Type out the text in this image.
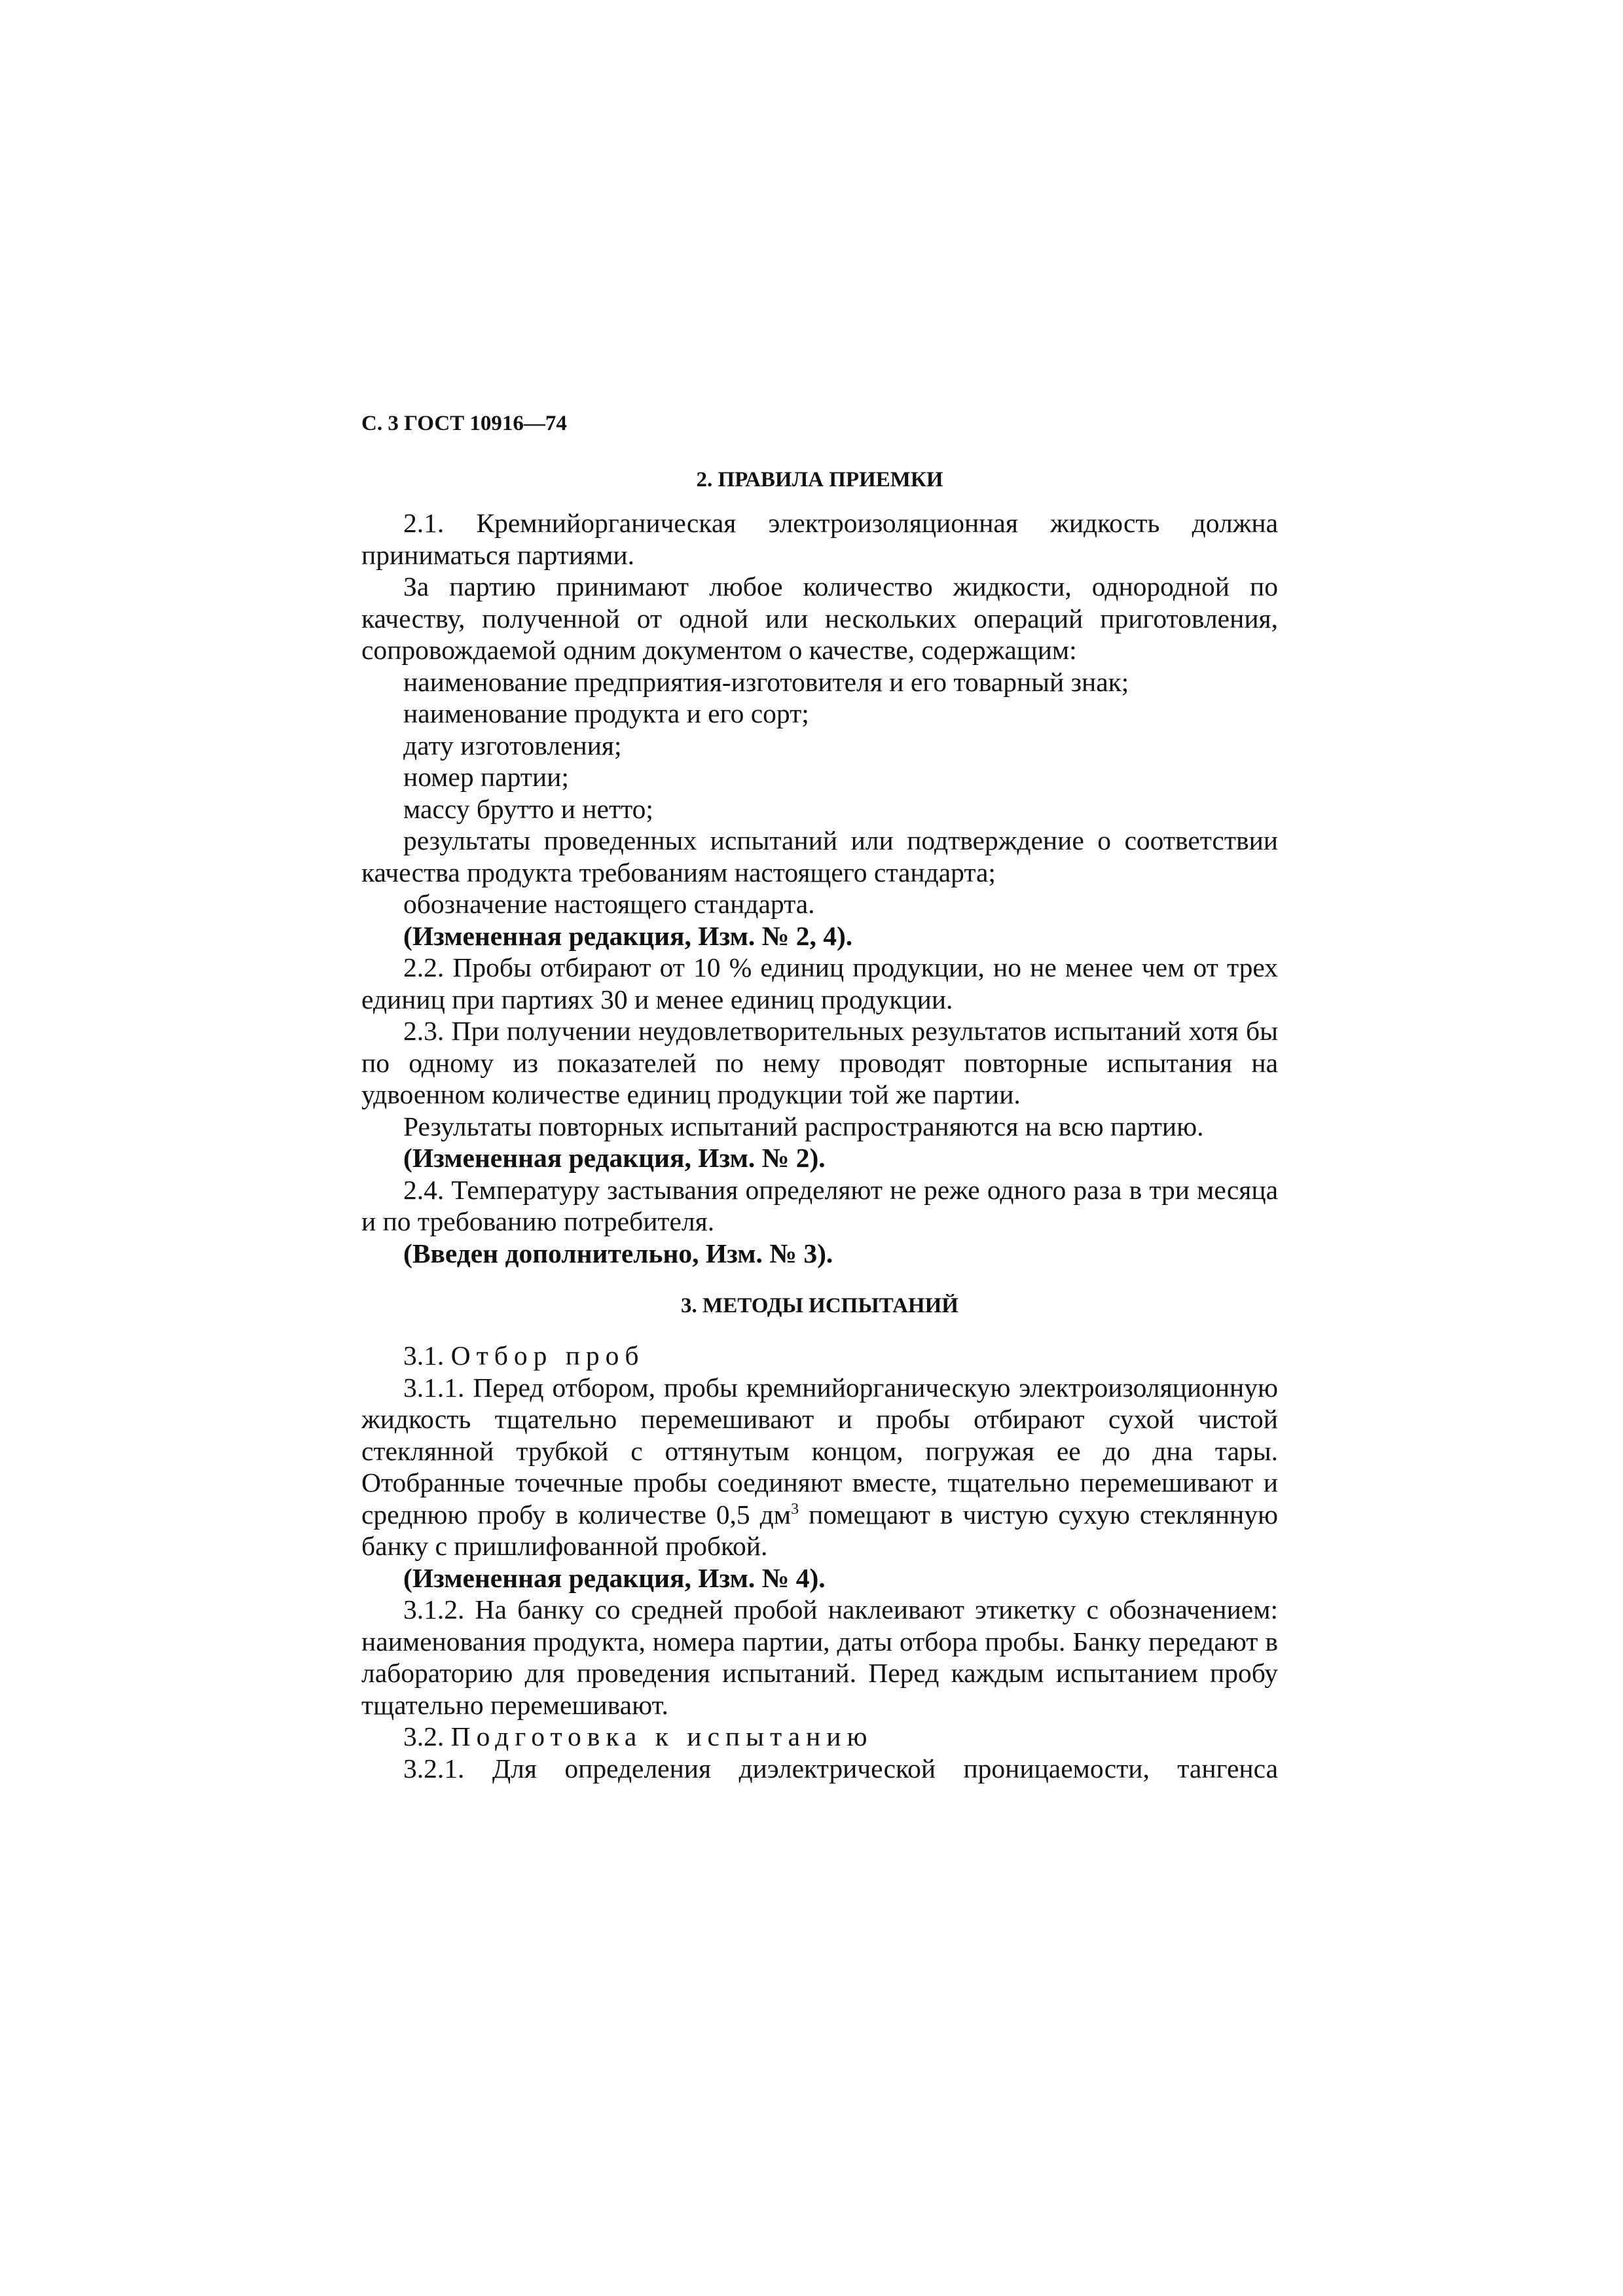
С. 3 ГОСТ 10916—74
2. ПРАВИЛА ПРИЕМКИ

2.1. Кремнийорганическая электроизоляционная жидкость должна приниматься партиями.

За партию принимают любое количество жидкости, однородной по качеству, полученной от одной или нескольких операций приготовления, сопровождаемой одним документом о качестве, содержащим:

наименование предприятия-изготовителя и его товарный знак;

наименование продукта и его сорт;

дату изготовления;

номер партии;

массу брутто и нетто;

результаты проведенных испытаний или подтверждение о соответствии качества продукта требованиям настоящего стандарта;

обозначение настоящего стандарта.

(Измененная редакция, Изм. № 2, 4).

2.2. Пробы отбирают от 10 % единиц продукции, но не менее чем от трех единиц при партиях 30 и менее единиц продукции.

2.3. При получении неудовлетворительных результатов испытаний хотя бы по одному из показателей по нему проводят повторные испытания на удвоенном количестве единиц продукции той же партии.

Результаты повторных испытаний распространяются на всю партию.

(Измененная редакция, Изм. № 2).

2.4. Температуру застывания определяют не реже одного раза в три месяца и по требованию потребителя.

(Введен дополнительно, Изм. № 3).

3. МЕТОДЫ ИСПЫТАНИЙ

3.1. Отбор проб

3.1.1. Перед отбором, пробы кремнийорганическую электроизоляционную жидкость тщательно перемешивают и пробы отбирают сухой чистой стеклянной трубкой с оттянутым концом, погружая ее до дна тары. Отобранные точечные пробы соединяют вместе, тщательно перемешивают и среднюю пробу в количестве 0,5 $дм^3$ помещают в чистую сухую стеклянную банку с пришлифованной пробкой.

(Измененная редакция, Изм. № 4).

3.1.2. На банку со средней пробой наклеивают этикетку с обозначением: наименования продукта, номера партии, даты отбора пробы. Банку передают в лабораторию для проведения испытаний. Перед каждым испытанием пробу тщательно перемешивают.

3.2. Подготовка к испытанию

3.2.1. Для определения диэлектрической проницаемости, тангенса
